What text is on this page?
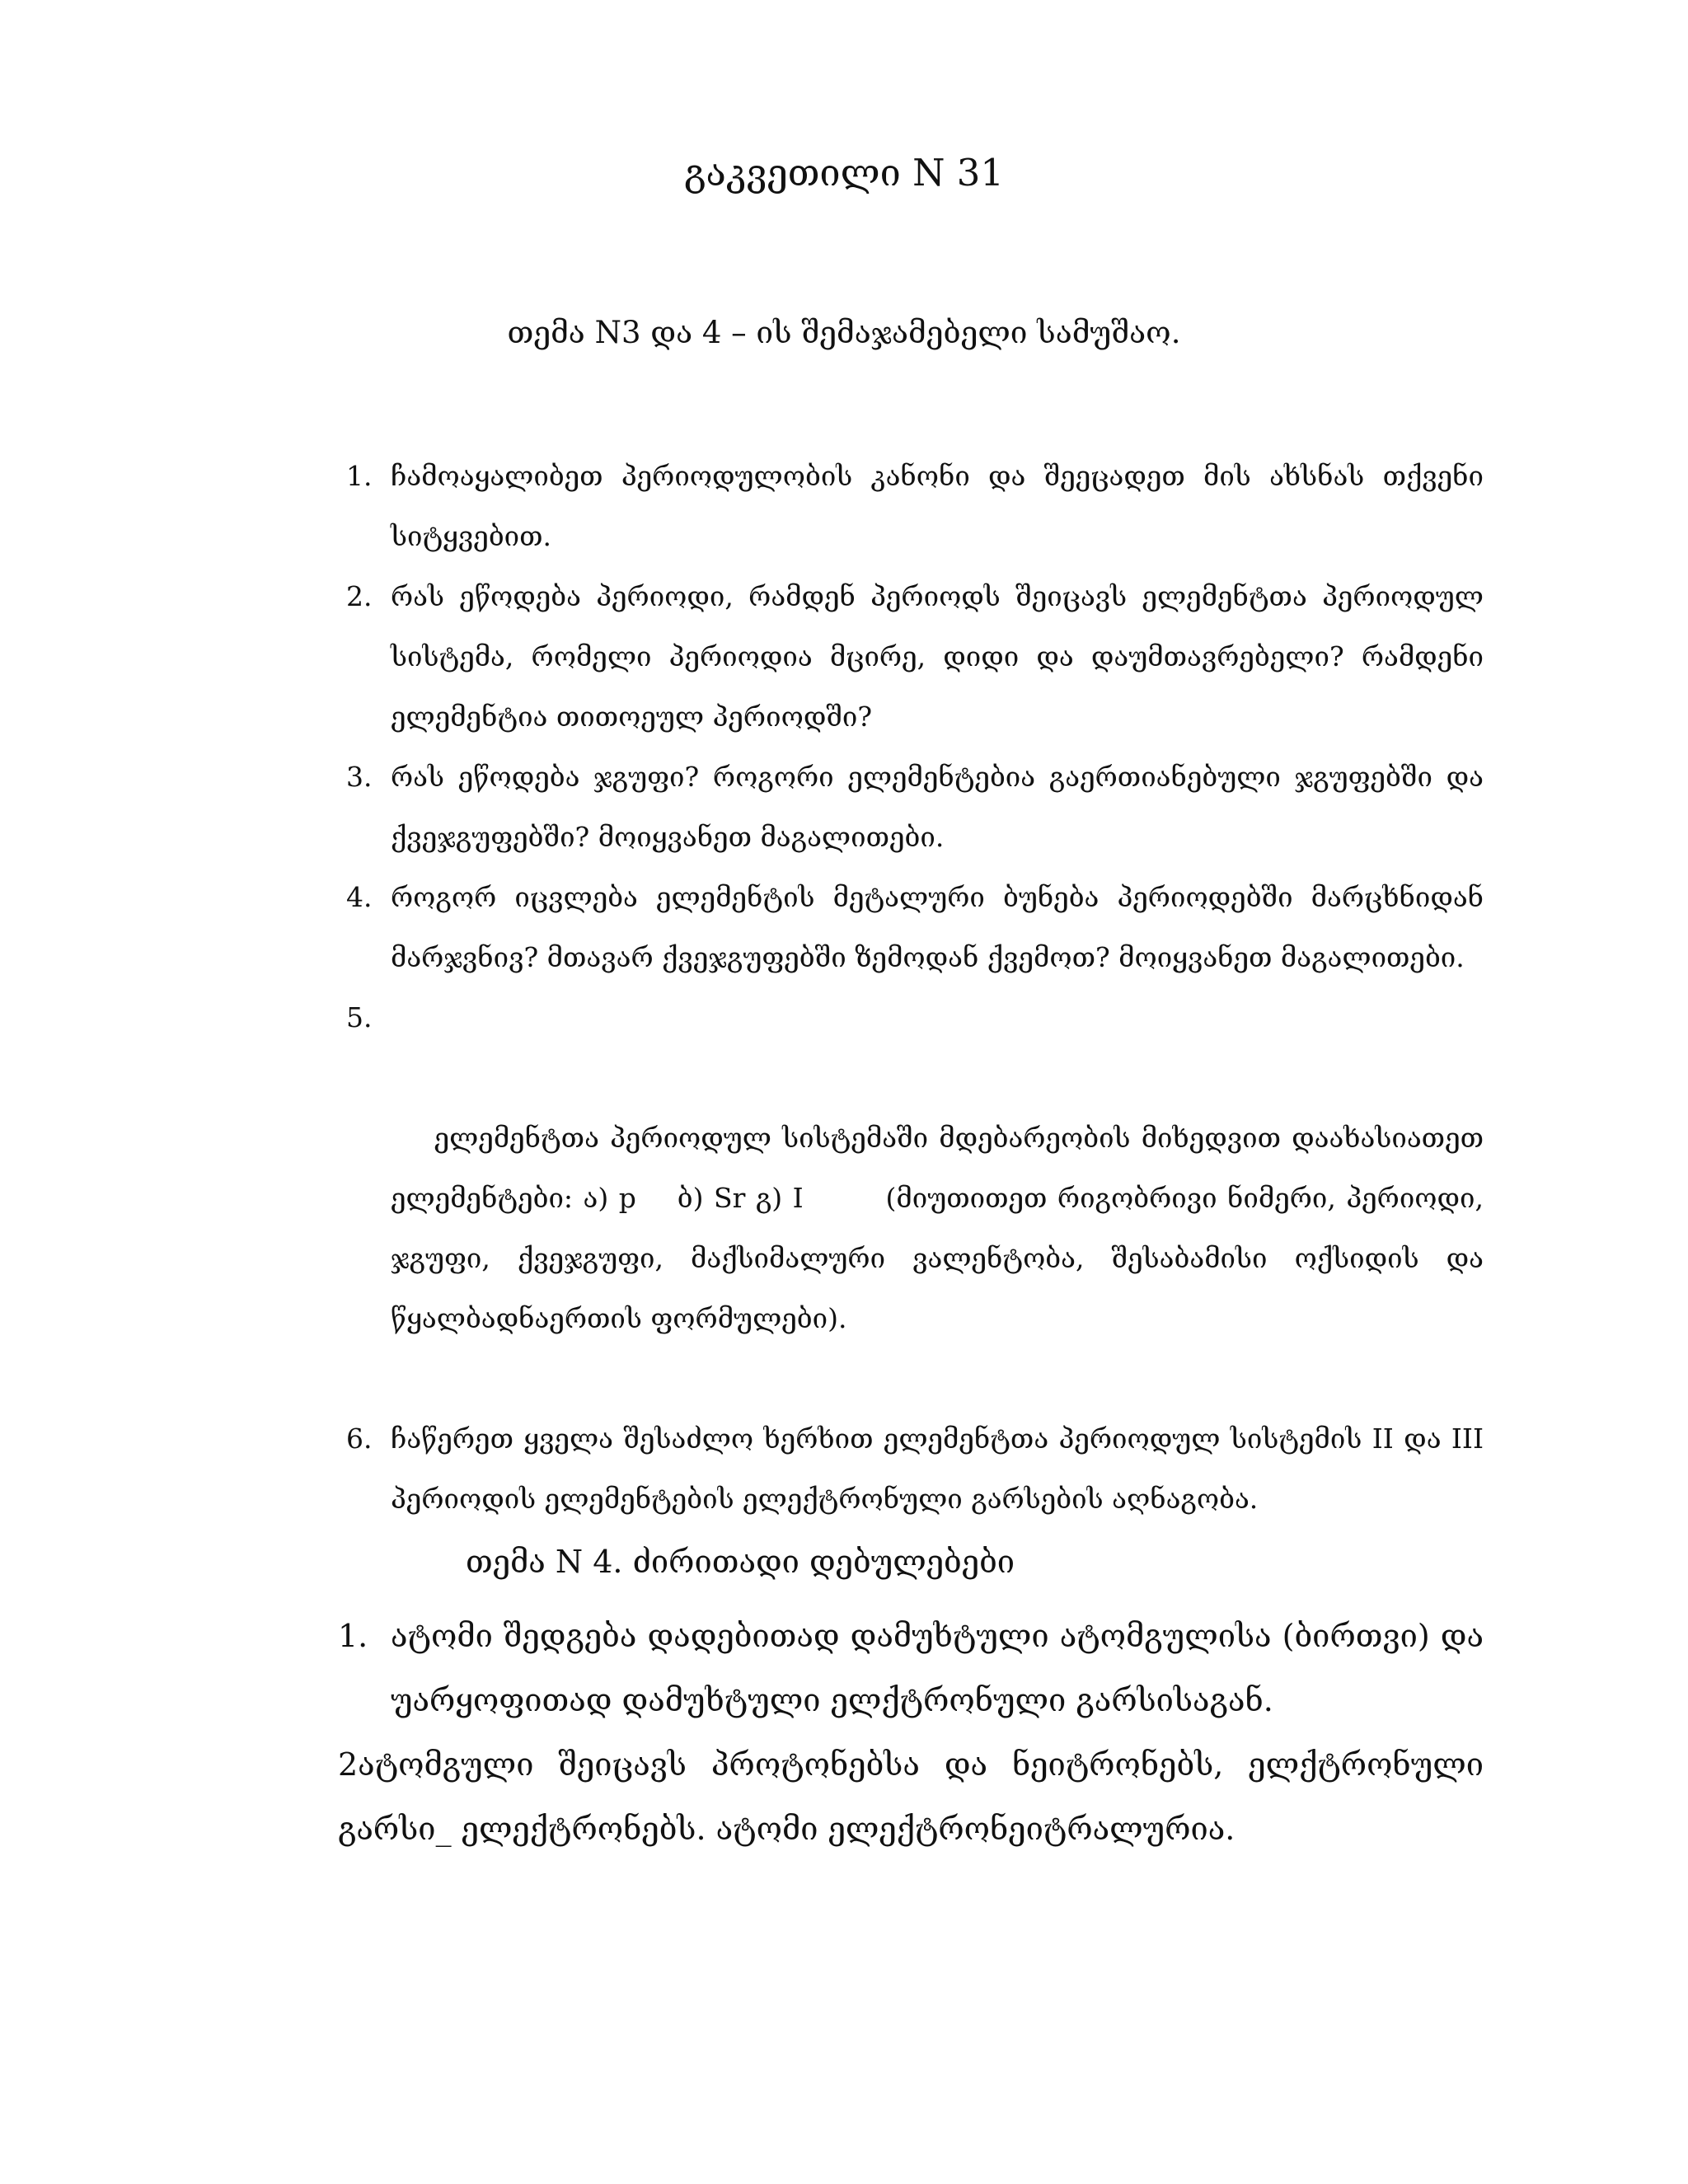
გაკვეთილი N 31
თემა N3 და 4 – ის შემაჯამებელი სამუშაო.
1. ჩამოაყალიბეთ პერიოდულობის კანონი და შეეცადეთ მის ახსნას თქვენი სიტყვებით.
2. რას ეწოდება პერიოდი, რამდენ პერიოდს შეიცავს ელემენტთა პერიოდულ სისტემა, რომელი პერიოდია მცირე, დიდი და დაუმთავრებელი? რამდენი ელემენტია თითოეულ პერიოდში?
3. რას ეწოდება ჯგუფი? როგორი ელემენტებია გაერთიანებული ჯგუფებში და ქვეჯგუფებში? მოიყვანეთ მაგალითები.
4. როგორ იცვლება ელემენტის მეტალური ბუნება პერიოდებში მარცხნიდან მარჯვნივ? მთავარ ქვეჯგუფებში ზემოდან ქვემოთ? მოიყვანეთ მაგალითები.

5.

ელემენტთა პერიოდულ სისტემაში მდებარეობის მიხედვით დაახასიათეთ ელემენტები: ა) p    ბ) Sr გ) I        (მიუთითეთ რიგობრივი ნიმერი, პერიოდი, ჯგუფი, ქვეჯგუფი, მაქსიმალური ვალენტობა, შესაბამისი ოქსიდის და წყალბადნაერთის ფორმულები).

6. ჩაწერეთ ყველა შესაძლო ხერხით ელემენტთა პერიოდულ სისტემის II და III პერიოდის ელემენტების ელექტრონული გარსების აღნაგობა.
თემა N 4. ძირითადი დებულებები

1. ატომი შედგება დადებითად დამუხტული ატომგულისა (ბირთვი) და უარყოფითად დამუხტული ელქტრონული გარსისაგან.

2ატომგული შეიცავს პროტონებსა და ნეიტრონებს, ელქტრონული გარსი_ ელექტრონებს. ატომი ელექტრონეიტრალურია.
